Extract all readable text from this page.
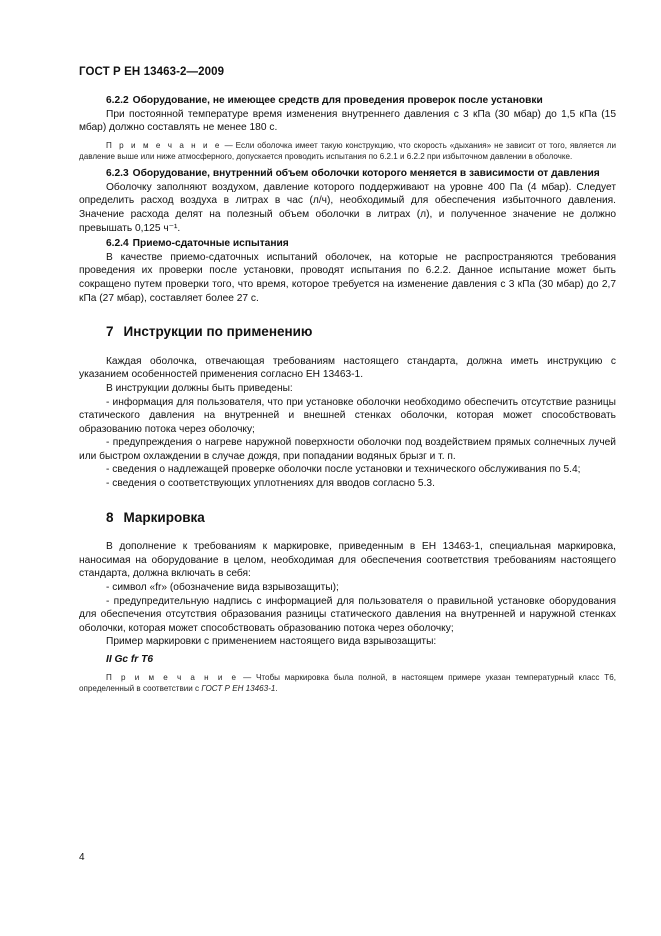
ГОСТ Р ЕН 13463-2—2009

6.2.2 Оборудование, не имеющее средств для проведения проверок после установки

При постоянной температуре время изменения внутреннего давления с 3 кПа (30 мбар) до 1,5 кПа (15 мбар) должно составлять не менее 180 с.

П р и м е ч а н и е — Если оболочка имеет такую конструкцию, что скорость «дыхания» не зависит от того, является ли давление выше или ниже атмосферного, допускается проводить испытания по 6.2.1 и 6.2.2 при избыточном давлении в оболочке.

6.2.3 Оборудование, внутренний объем оболочки которого меняется в зависимости от давления

Оболочку заполняют воздухом, давление которого поддерживают на уровне 400 Па (4 мбар). Следует определить расход воздуха в литрах в час (л/ч), необходимый для обеспечения избыточного давления. Значение расхода делят на полезный объем оболочки в литрах (л), и полученное значение не должно превышать 0,125 ч⁻¹.

6.2.4 Приемо-сдаточные испытания

В качестве приемо-сдаточных испытаний оболочек, на которые не распространяются требования проведения их проверки после установки, проводят испытания по 6.2.2. Данное испытание может быть сокращено путем проверки того, что время, которое требуется на изменение давления с 3 кПа (30 мбар) до 2,7 кПа (27 мбар), составляет более 27 с.

7 Инструкции по применению

Каждая оболочка, отвечающая требованиям настоящего стандарта, должна иметь инструкцию с указанием особенностей применения согласно ЕН 13463-1.

В инструкции должны быть приведены:

- информация для пользователя, что при установке оболочки необходимо обеспечить отсутствие разницы статического давления на внутренней и внешней стенках оболочки, которая может способствовать образованию потока через оболочку;

- предупреждения о нагреве наружной поверхности оболочки под воздействием прямых солнечных лучей или быстром охлаждении в случае дождя, при попадании водяных брызг и т. п.

- сведения о надлежащей проверке оболочки после установки и технического обслуживания по 5.4;

- сведения о соответствующих уплотнениях для вводов согласно 5.3.

8 Маркировка

В дополнение к требованиям к маркировке, приведенным в ЕН 13463-1, специальная маркировка, наносимая на оборудование в целом, необходимая для обеспечения соответствия требованиям настоящего стандарта, должна включать в себя:

- символ «fr» (обозначение вида взрывозащиты);

- предупредительную надпись с информацией для пользователя о правильной установке оборудования для обеспечения отсутствия образования разницы статического давления на внутренней и наружной стенках оболочки, которая может способствовать образованию потока через оболочку;

Пример маркировки с применением настоящего вида взрывозащиты:

II Gc fr T6

П р и м е ч а н и е — Чтобы маркировка была полной, в настоящем примере указан температурный класс Т6, определенный в соответствии с ГОСТ Р ЕН 13463-1.

4
